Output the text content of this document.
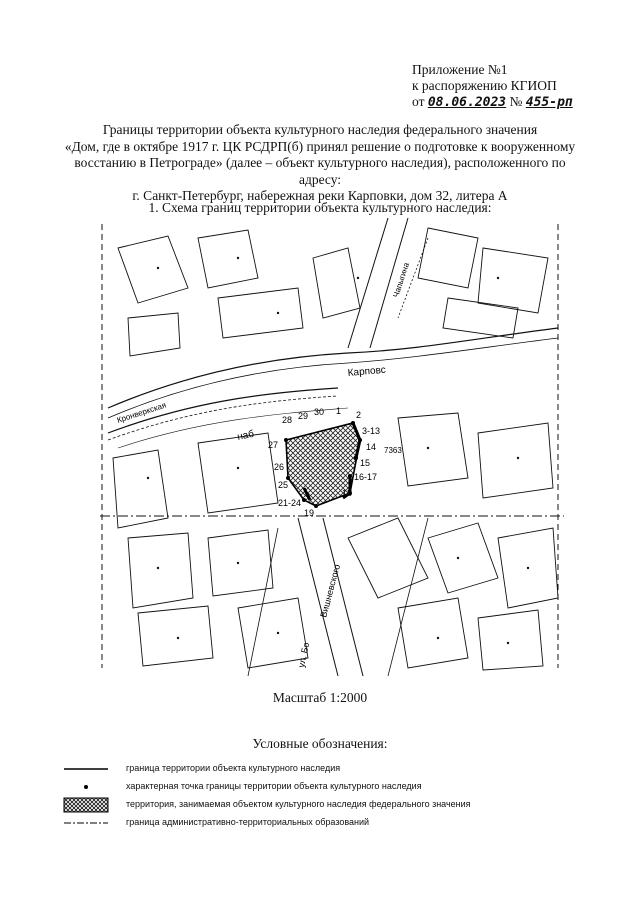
Приложение №1
к распоряжению КГИОП
от 08.06.2023 № 455-рп
Границы территории объекта культурного наследия федерального значения
«Дом, где в октябре 1917 г. ЦК РСДРП(б) принял решение о подготовке к вооруженному
восстанию в Петрограде» (далее – объект культурного наследия), расположенного по адресу:
г. Санкт-Петербург, набережная реки Карповки, дом 32, литера А
1. Схема границ территории объекта культурного наследия:
1 2
3-13
14
15
16-17
18
19
21-24
25
26
27
28 29 30
Карповс
наб
ул. Бо
Чапыгина
Вишневского
Кронверкская
7363
Масштаб 1:2000
Условные обозначения:
граница территории объекта культурного наследия
характерная точка границы территории объекта культурного наследия
территория, занимаемая объектом культурного наследия федерального значения
граница административно-территориальных образований
